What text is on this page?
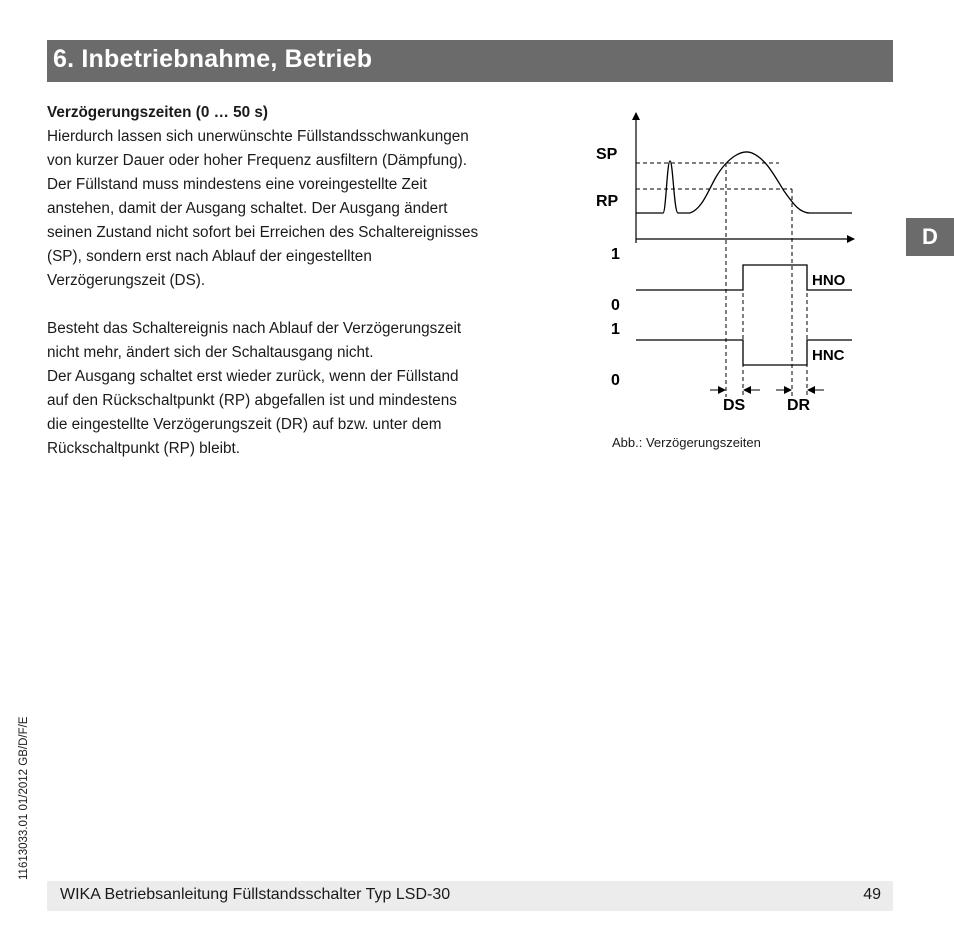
6. Inbetriebnahme, Betrieb
D

Verzögerungszeiten (0 … 50 s)

Hierdurch lassen sich unerwünschte Füllstandsschwankungen

von kurzer Dauer oder hoher Frequenz ausfiltern (Dämpfung).

Der Füllstand muss mindestens eine voreingestellte Zeit

anstehen, damit der Ausgang schaltet. Der Ausgang ändert

seinen Zustand nicht sofort bei Erreichen des Schaltereignisses

(SP), sondern erst nach Ablauf der eingestellten

Verzögerungszeit (DS).

Besteht das Schaltereignis nach Ablauf der Verzögerungszeit

nicht mehr, ändert sich der Schaltausgang nicht.

Der Ausgang schaltet erst wieder zurück, wenn der Füllstand

auf den Rückschaltpunkt (RP) abgefallen ist und mindestens

die eingestellte Verzögerungszeit (DR) auf bzw. unter dem

Rückschaltpunkt (RP) bleibt.

SP
RP
1
0
1
0
HNO
HNC
DS	DR
Abb.: Verzögerungszeiten
11613033.01 01/2012 GB/D/F/E
WIKA Betriebsanleitung Füllstandsschalter Typ LSD-30	49
